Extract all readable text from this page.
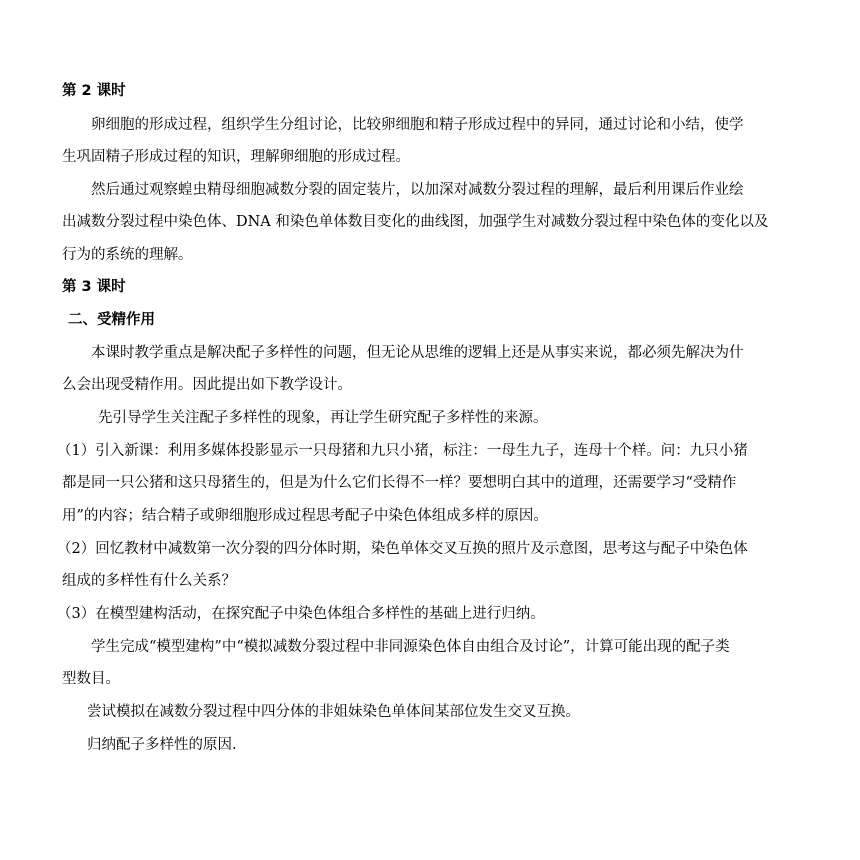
第 2 课时
卵细胞的形成过程，组织学生分组讨论，比较卵细胞和精子形成过程中的异同，通过讨论和小结，使学
生巩固精子形成过程的知识，理解卵细胞的形成过程。
然后通过观察蝗虫精母细胞减数分裂的固定装片，以加深对减数分裂过程的理解，最后利用课后作业绘
出减数分裂过程中染色体、DNA 和染色单体数目变化的曲线图，加强学生对减数分裂过程中染色体的变化以及
行为的系统的理解。
第 3 课时
二、受精作用
本课时教学重点是解决配子多样性的问题，但无论从思维的逻辑上还是从事实来说，都必须先解决为什
么会出现受精作用。因此提出如下教学设计。
先引导学生关注配子多样性的现象，再让学生研究配子多样性的来源。
（1）引入新课：利用多媒体投影显示一只母猪和九只小猪，标注：一母生九子，连母十个样。问：九只小猪
都是同一只公猪和这只母猪生的，但是为什么它们长得不一样？要想明白其中的道理，还需要学习“受精作
用”的内容；结合精子或卵细胞形成过程思考配子中染色体组成多样的原因。
（2）回忆教材中减数第一次分裂的四分体时期，染色单体交叉互换的照片及示意图，思考这与配子中染色体
组成的多样性有什么关系？
（3）在模型建构活动，在探究配子中染色体组合多样性的基础上进行归纳。
学生完成“模型建构”中“模拟减数分裂过程中非同源染色体自由组合及讨论”，计算可能出现的配子类
型数目。
尝试模拟在减数分裂过程中四分体的非姐妹染色单体间某部位发生交叉互换。
归纳配子多样性的原因.
